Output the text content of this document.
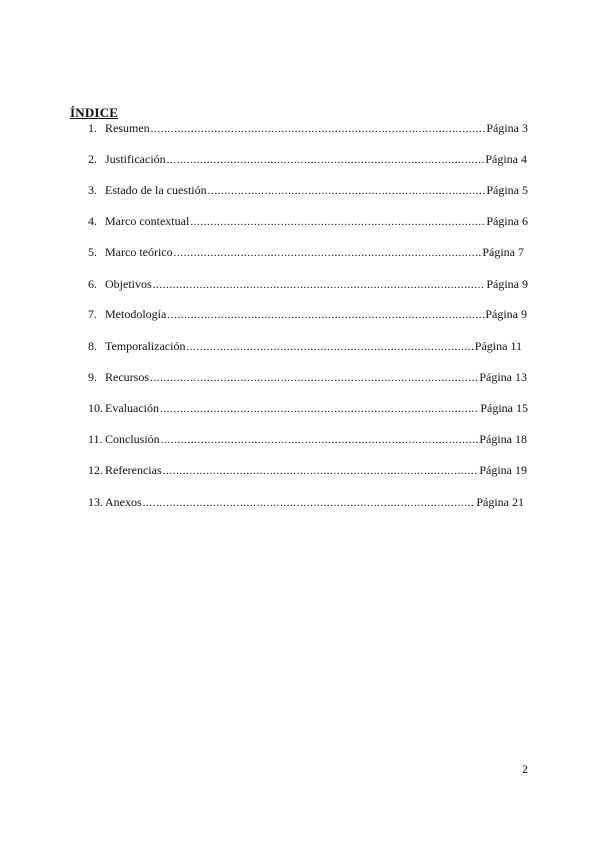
ÍNDICE
1. Resumen .....	Página 3
2. Justificación .....	Página 4
3. Estado de la cuestión .....	Página 5
4. Marco contextual .....	Página 6
5. Marco teórico .....	Página 7
6. Objetivos .....	Página 9
7. Metodología .....	Página 9
8. Temporalización .....	Página 11
9. Recursos .....	Página 13
10. Evaluación .....	Página 15
11. Conclusión .....	Página 18
12. Referencias .....	Página 19
13. Anexos .....	Página 21
2
